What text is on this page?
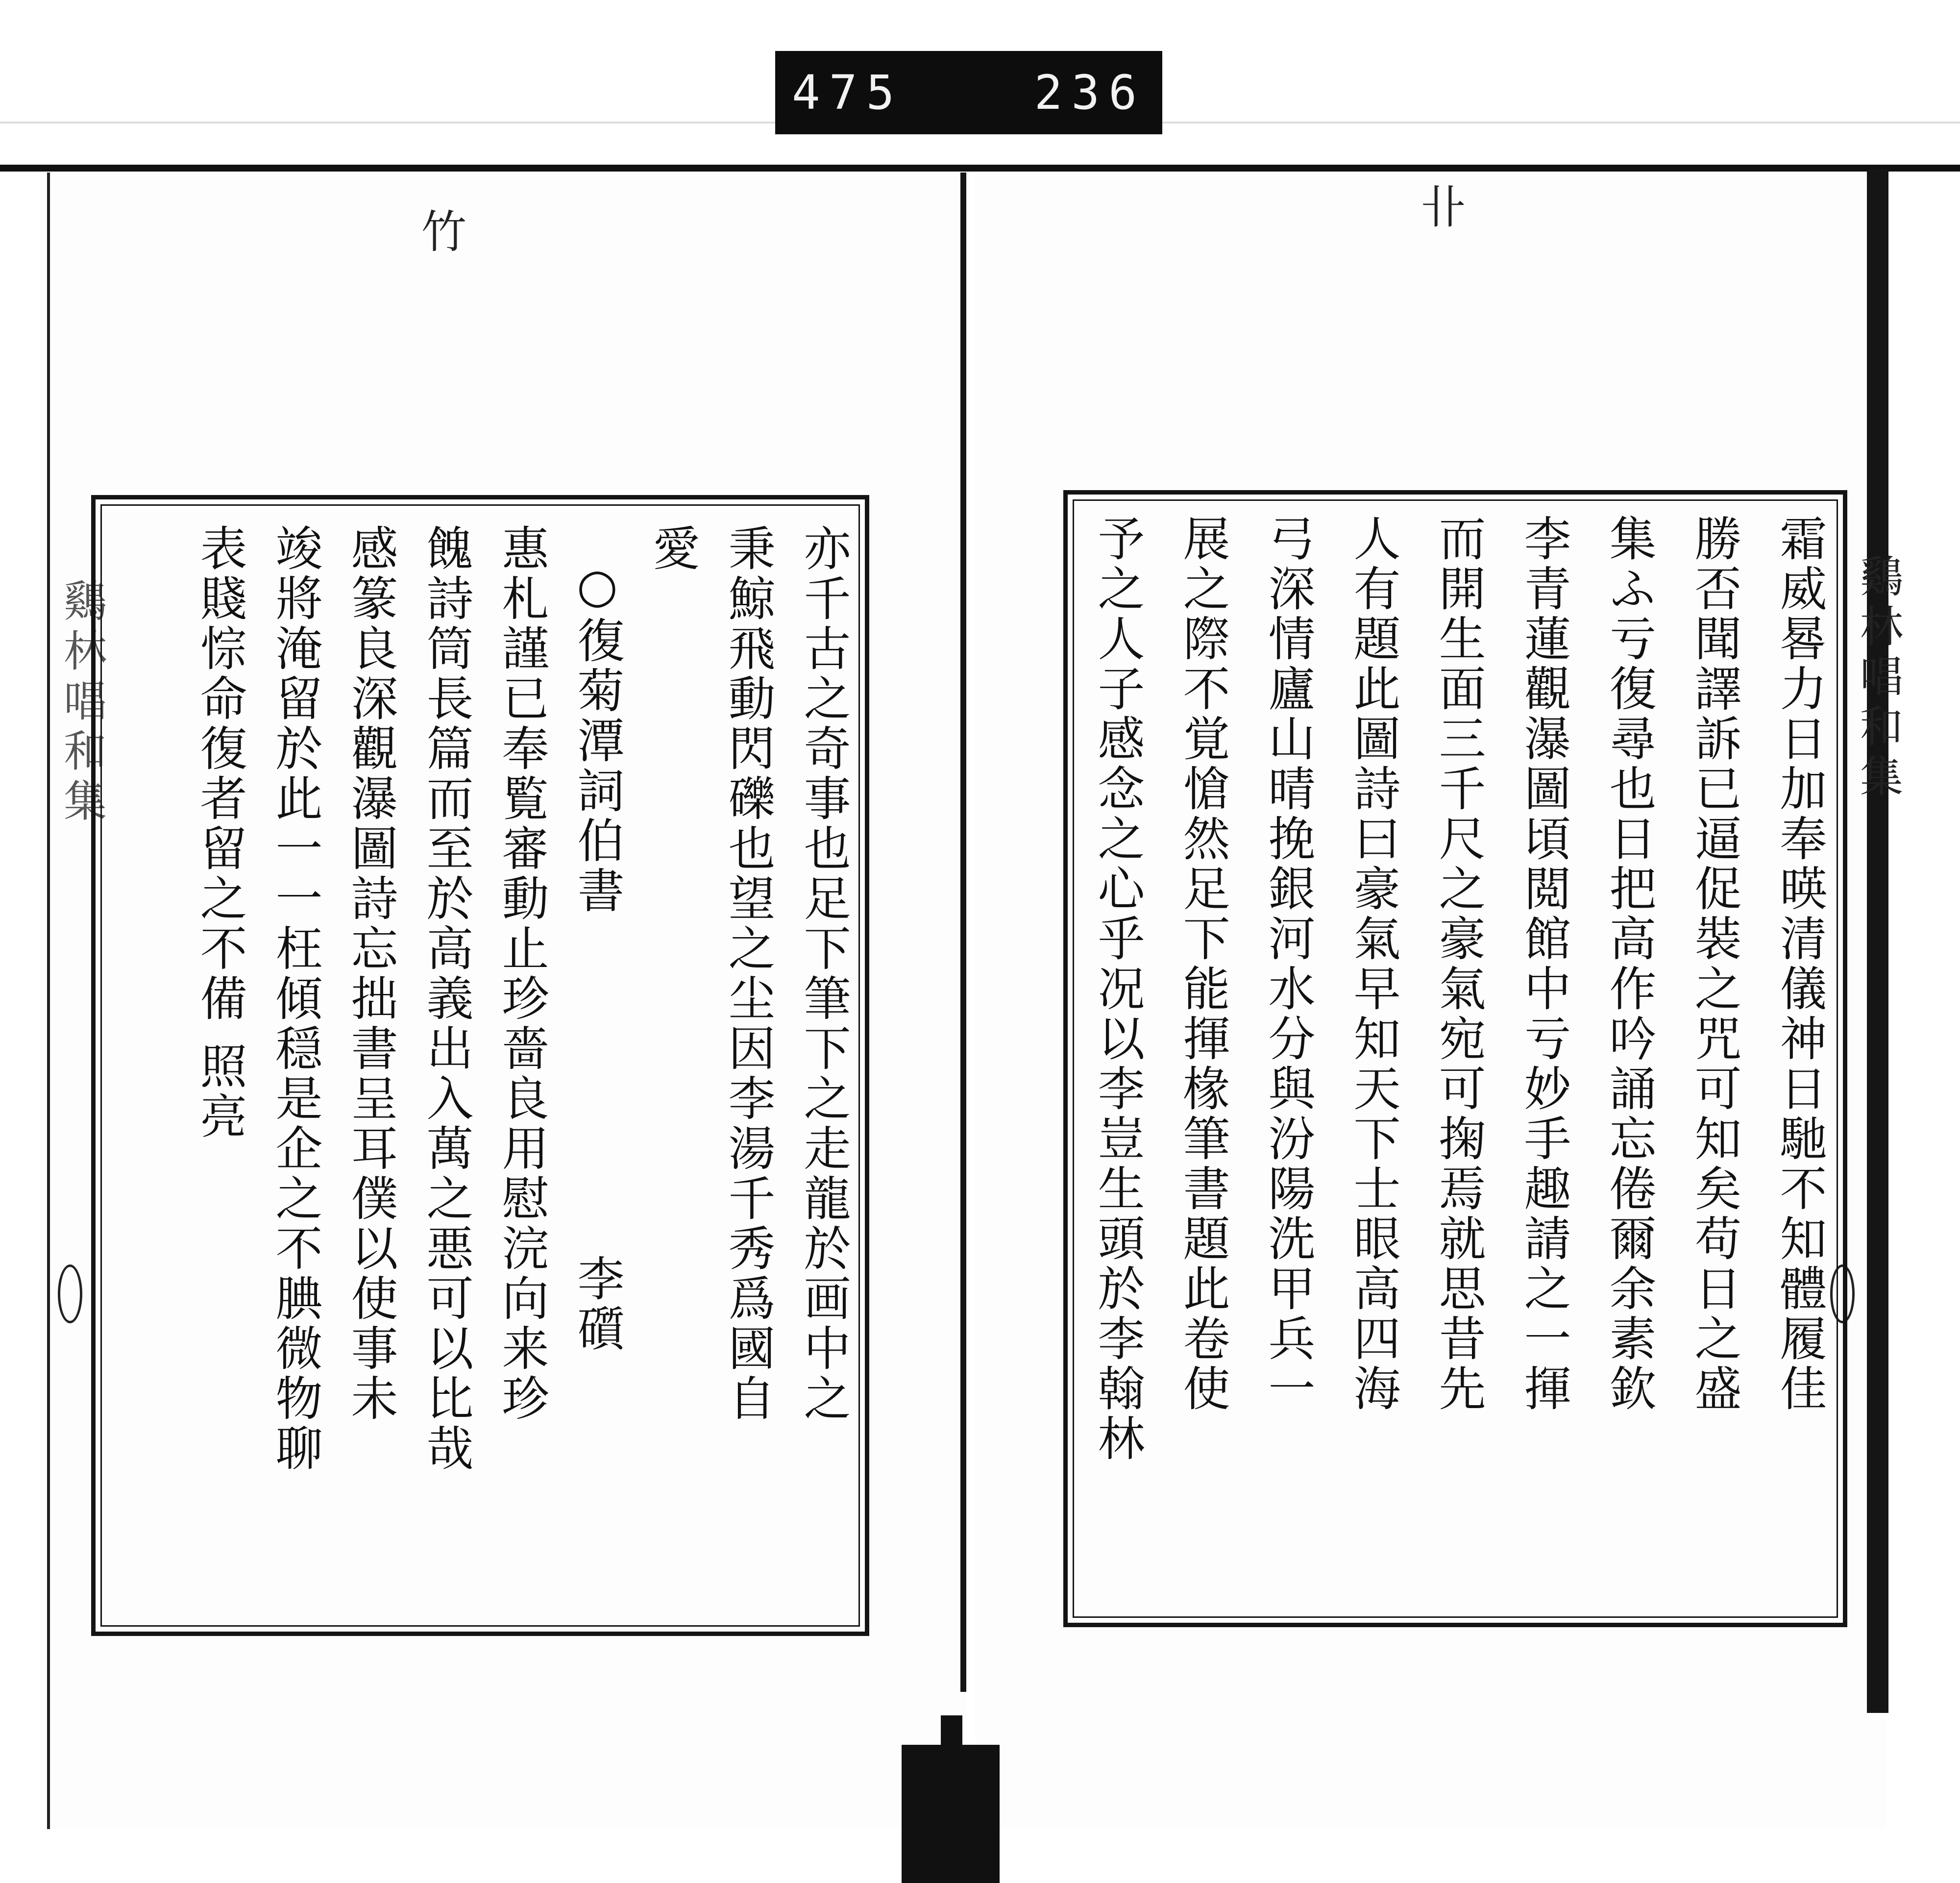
475	236
鷄林唱和集
鷄林唱和集
卝
竹
霜威晷力日加奉暎清儀神日馳不知體履佳
勝否聞譯訴已逼促裝之咒可知矣苟日之盛
集ふ亏復尋也日把高作吟誦忘倦爾余素欽
李青蓮觀瀑圖頃閲館中亏妙手趣請之一揮
而開生面三千尺之豪氣宛可掬焉就思昔先
人有題此圖詩曰豪氣早知天下士眼高四海
弓深情廬山晴挽銀河水分與汾陽洗甲兵一
展之際不覚愴然足下能揮椽筆書題此卷使
予之人子感念之心乎况以李豈生頭於李翰林
亦千古之奇事也足下筆下之走龍於画中之
秉鯨飛動閃礫也望之尘因李湯千秀爲國自
愛
○復菊潭詞伯書
李礩
惠札謹已奉覧審動止珍嗇良用慰浣向来珍
餽詩筒長篇而至於高義出入萬之悪可以比哉
感篆良深觀瀑圖詩忘拙書呈耳僕以使事未
竣將淹留於此一一枉傾穏是企之不腆微物聊
表賤悰命復者留之不備 照亮
